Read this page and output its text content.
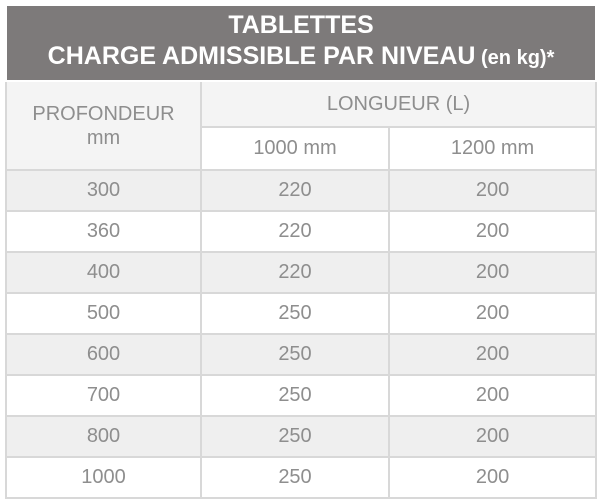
TABLETTES
CHARGE ADMISSIBLE PAR NIVEAU (en kg)*		
PROFONDEUR
mm	LONGUEUR (L)	
	1000 mm	1200 mm
300	220	200
360	220	200
400	220	200
500	250	200
600	250	200
700	250	200
800	250	200
1000	250	200
